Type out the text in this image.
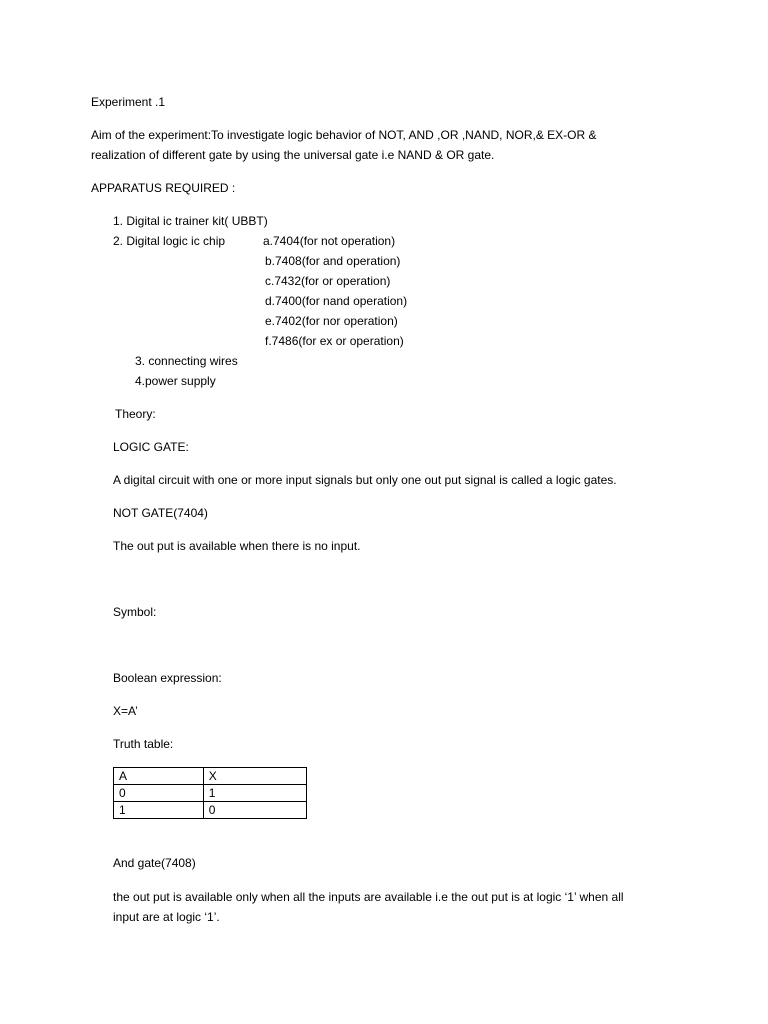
Experiment .1
Aim of the experiment:To investigate logic behavior of NOT, AND ,OR ,NAND, NOR,& EX-OR &
realization of different gate by using the universal gate i.e NAND & OR gate.
APPARATUS REQUIRED :
1. Digital ic trainer kit( UBBT)
2. Digital logic ic chip	a.7404(for not operation)
b.7408(for and operation)
c.7432(for or operation)
d.7400(for nand operation)
e.7402(for nor operation)
f.7486(for ex or operation)
3. connecting wires
4.power supply
Theory:
LOGIC GATE:
A digital circuit with one or more input signals but only one out put signal is called a logic gates.
NOT GATE(7404)
The out put is available when there is no input.
Symbol:
Boolean expression:
X=A’
Truth table:
A	X
0	1
1	0
And gate(7408)
the out put is available only when all the inputs are available i.e the out put is at logic ‘1’ when all
input are at logic ‘1’.
